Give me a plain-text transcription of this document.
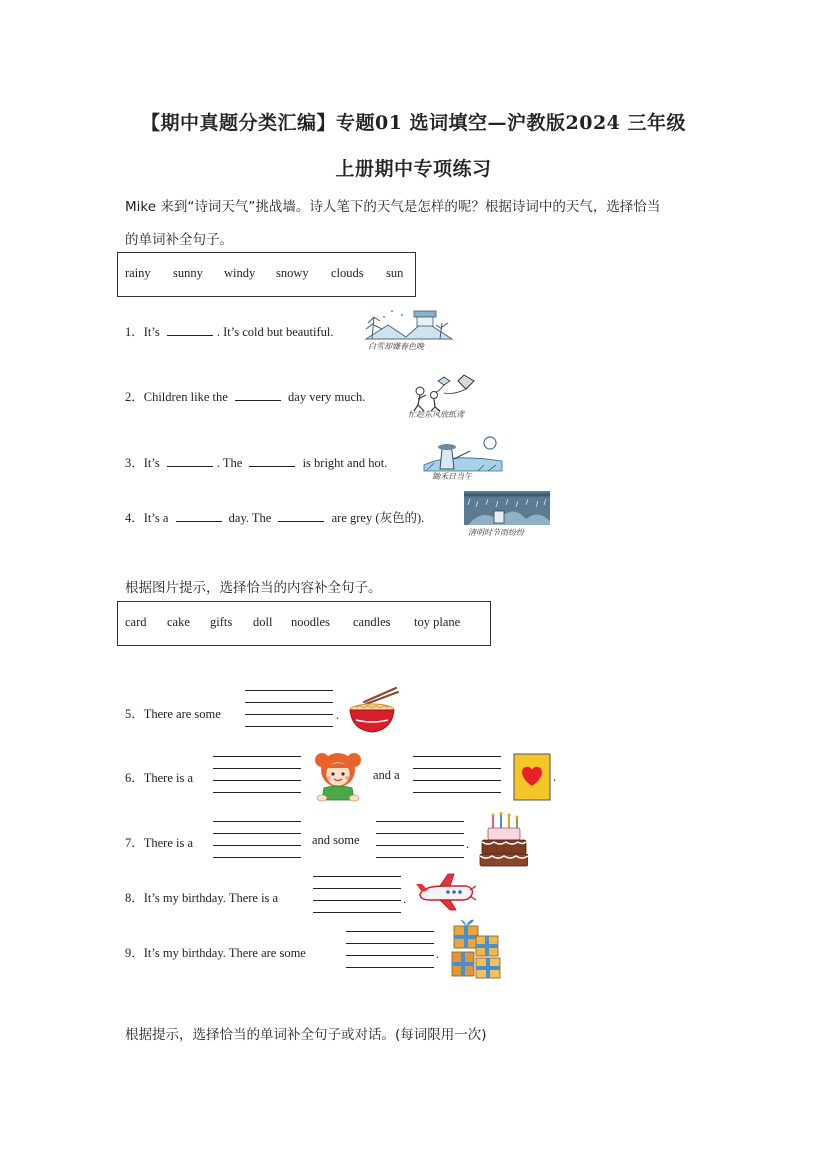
【期中真题分类汇编】专题01 选词填空—沪教版2024 三年级
上册期中专项练习
Mike 来到“诗词天气”挑战墙。诗人笔下的天气是怎样的呢？根据诗词中的天气，选择恰当
的单词补全句子。
rainy sunny windy snowy clouds sun
1．It’s	. It’s cold but beautiful.
白雪却嫌春色晚
2．Children like the	day very much.
忙趁东风放纸鸢
3．It’s	. The	is bright and hot.
锄禾日当午
4．It’s a	day. The	are grey (灰色的).
清明时节雨纷纷
根据图片提示，选择恰当的内容补全句子。
card cake gifts doll noodles candles toy plane
5．There are some	.
6．There is a	and a	.
7．There is a	and some	.
8．It’s my birthday. There is a	.
9．It’s my birthday. There are some	.
根据提示，选择恰当的单词补全句子或对话。(每词限用一次)
